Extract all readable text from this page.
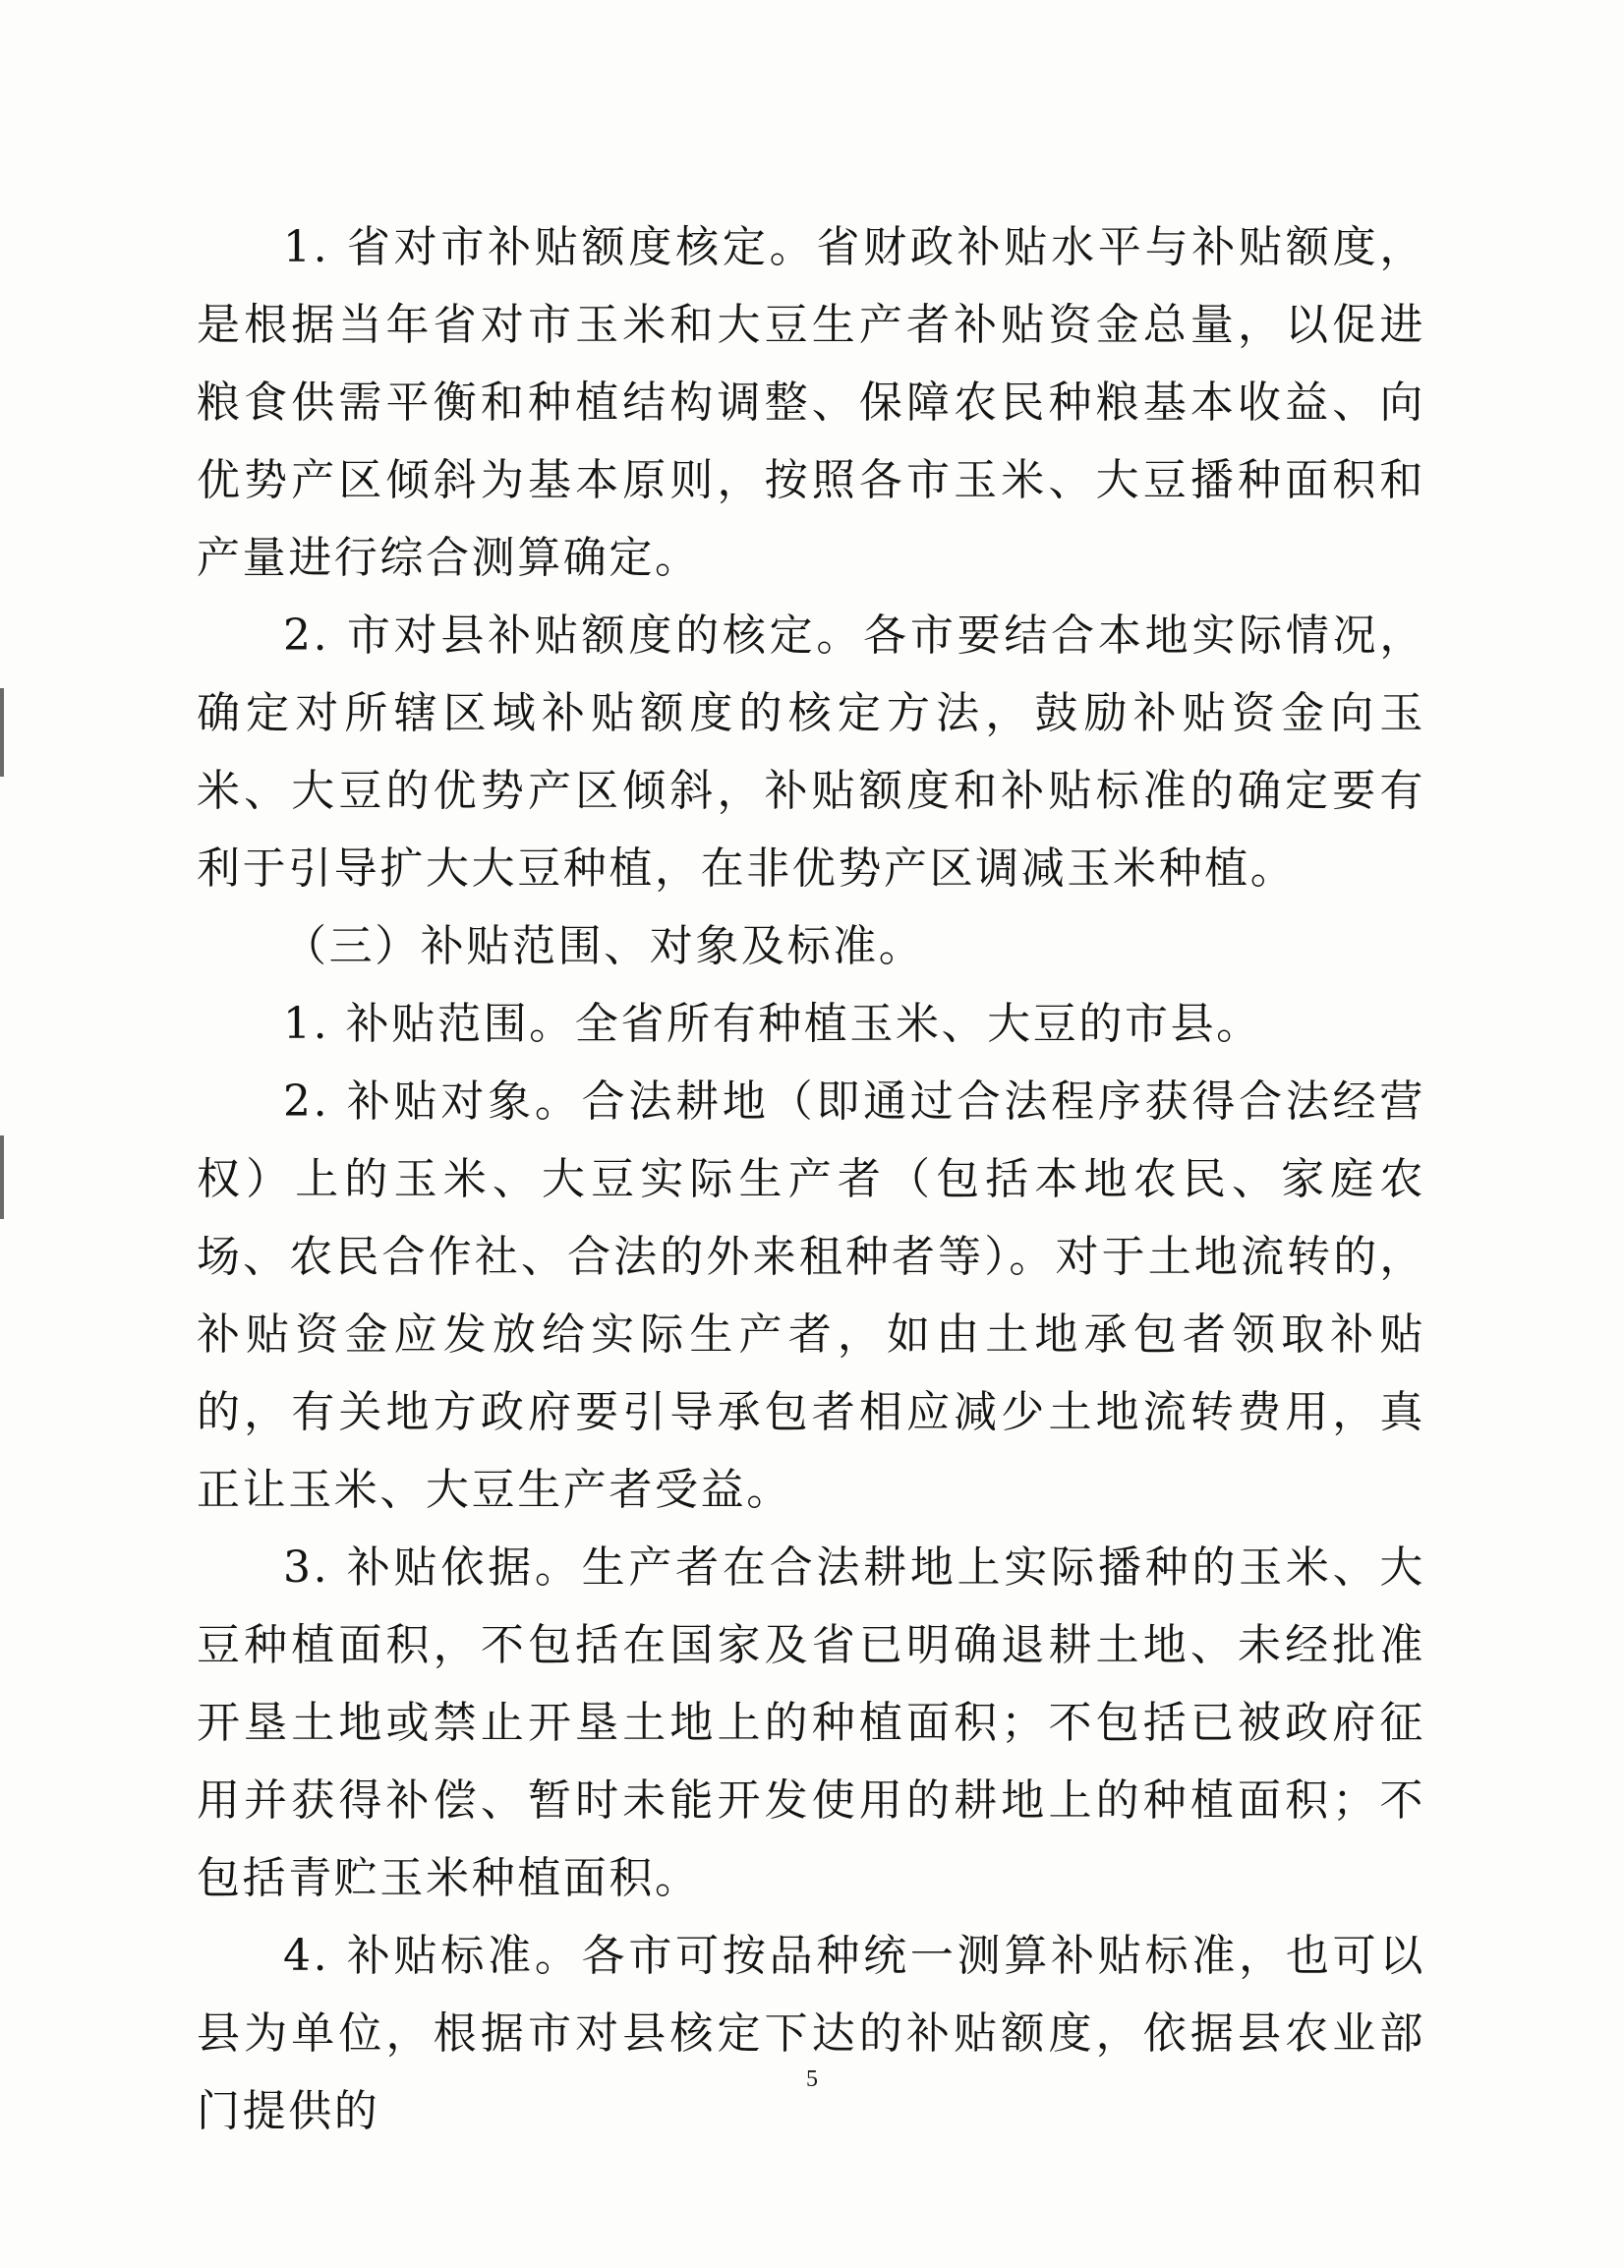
1. 省对市补贴额度核定。省财政补贴水平与补贴额度，是根据当年省对市玉米和大豆生产者补贴资金总量，以促进粮食供需平衡和种植结构调整、保障农民种粮基本收益、向优势产区倾斜为基本原则，按照各市玉米、大豆播种面积和产量进行综合测算确定。

2. 市对县补贴额度的核定。各市要结合本地实际情况，确定对所辖区域补贴额度的核定方法，鼓励补贴资金向玉米、大豆的优势产区倾斜，补贴额度和补贴标准的确定要有利于引导扩大大豆种植，在非优势产区调减玉米种植。

（三）补贴范围、对象及标准。

1. 补贴范围。全省所有种植玉米、大豆的市县。

2. 补贴对象。合法耕地（即通过合法程序获得合法经营权）上的玉米、大豆实际生产者（包括本地农民、家庭农场、农民合作社、合法的外来租种者等）。对于土地流转的，补贴资金应发放给实际生产者，如由土地承包者领取补贴的，有关地方政府要引导承包者相应减少土地流转费用，真正让玉米、大豆生产者受益。

3. 补贴依据。生产者在合法耕地上实际播种的玉米、大豆种植面积，不包括在国家及省已明确退耕土地、未经批准开垦土地或禁止开垦土地上的种植面积；不包括已被政府征用并获得补偿、暂时未能开发使用的耕地上的种植面积；不包括青贮玉米种植面积。

4. 补贴标准。各市可按品种统一测算补贴标准，也可以县为单位，根据市对县核定下达的补贴额度，依据县农业部门提供的

5
